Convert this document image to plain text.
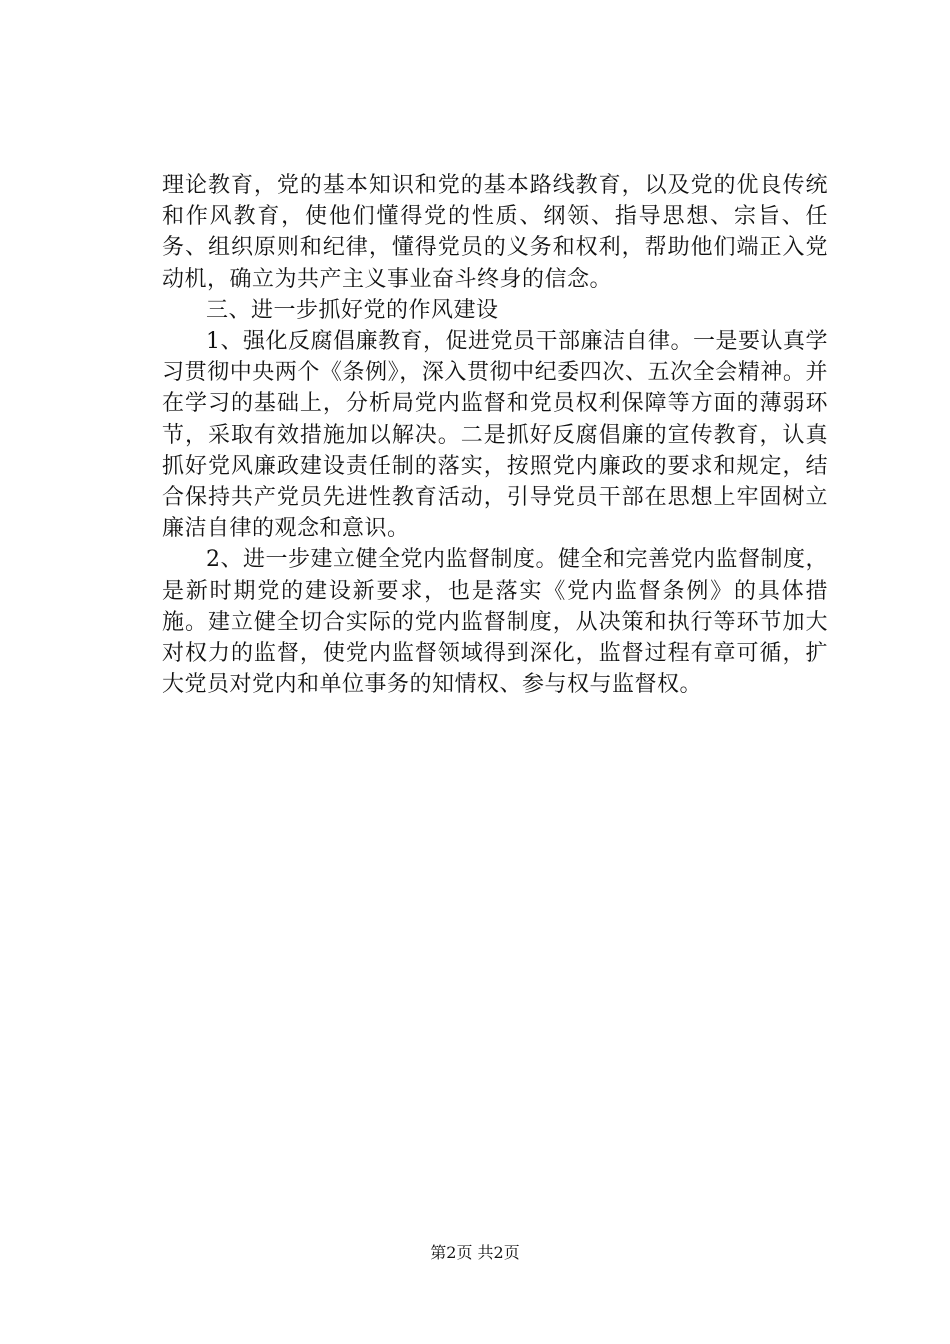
理论教育，党的基本知识和党的基本路线教育，以及党的优良传统和作风教育，使他们懂得党的性质、纲领、指导思想、宗旨、任务、组织原则和纪律，懂得党员的义务和权利，帮助他们端正入党动机，确立为共产主义事业奋斗终身的信念。

三、进一步抓好党的作风建设

1、强化反腐倡廉教育，促进党员干部廉洁自律。一是要认真学习贯彻中央两个《条例》，深入贯彻中纪委四次、五次全会精神。并在学习的基础上，分析局党内监督和党员权利保障等方面的薄弱环节，采取有效措施加以解决。二是抓好反腐倡廉的宣传教育，认真抓好党风廉政建设责任制的落实，按照党内廉政的要求和规定，结合保持共产党员先进性教育活动，引导党员干部在思想上牢固树立廉洁自律的观念和意识。

2、进一步建立健全党内监督制度。健全和完善党内监督制度，是新时期党的建设新要求，也是落实《党内监督条例》的具体措施。建立健全切合实际的党内监督制度，从决策和执行等环节加大对权力的监督，使党内监督领域得到深化，监督过程有章可循，扩大党员对党内和单位事务的知情权、参与权与监督权。

第2页 共2页
